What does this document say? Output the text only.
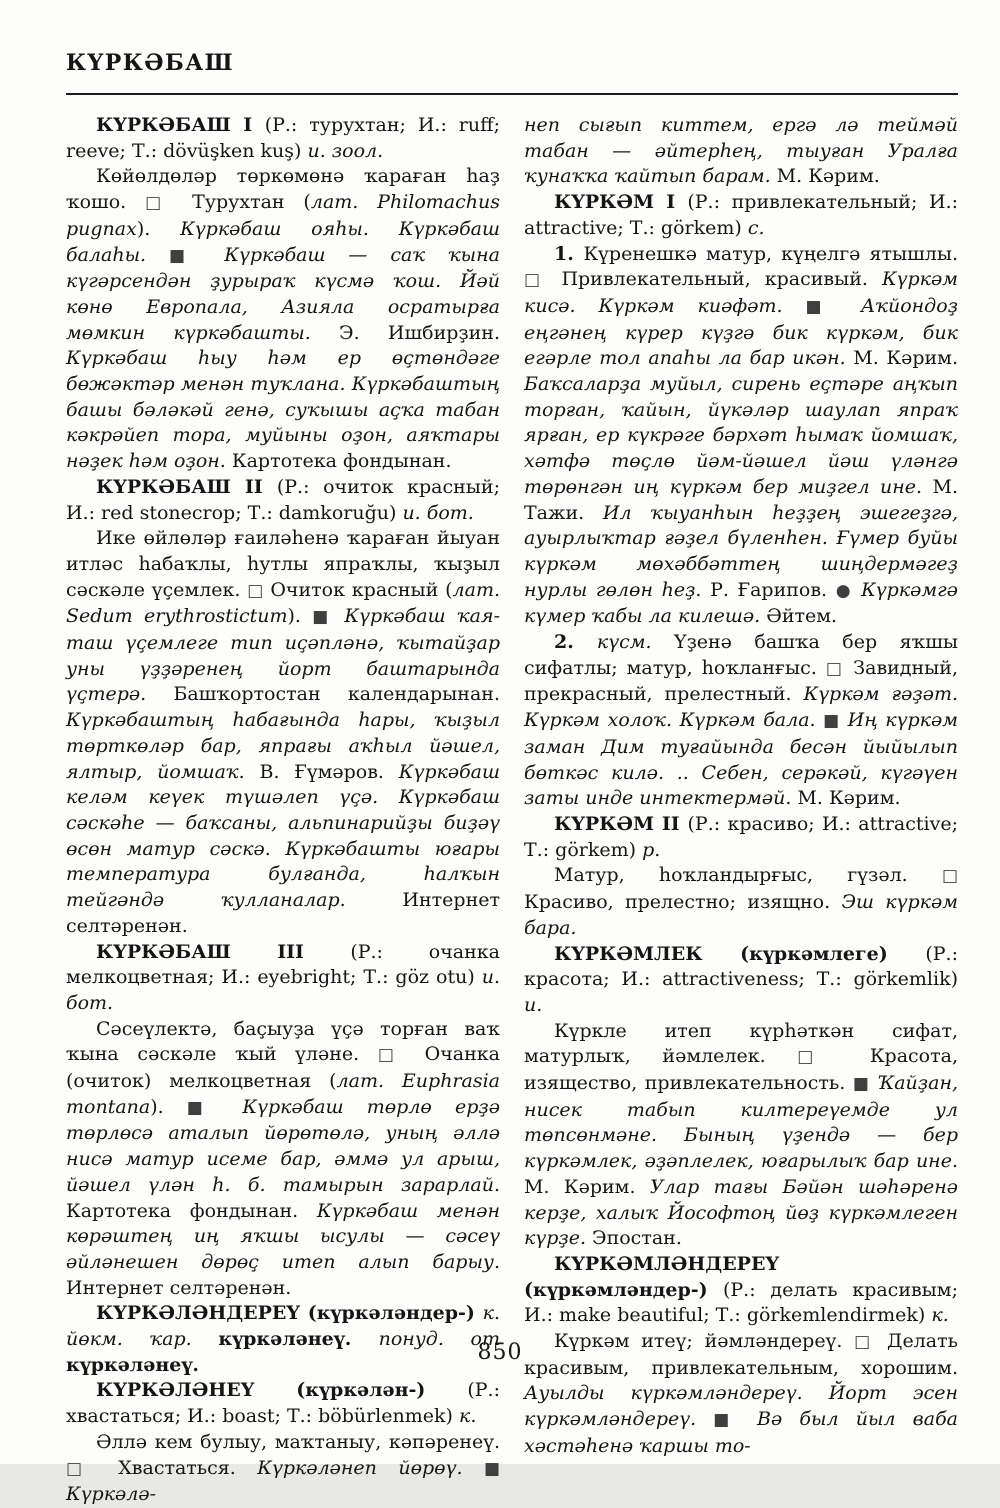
КҮРКӘБАШ

КҮРКӘБАШ I (Р.: турухтан; И.: ruff; reeve; Т.: dövüşken kuş) и. зоол.

Көйөлдөләр төркөмөнә ҡараған һаҙ ҡошо. □ Турухтан (лат. Philomachus pugnax). Күркәбаш ояһы. Күркәбаш балаһы. ■ Күркәбаш — саҡ ҡына күгәрсендән ҙурыраҡ күсмә ҡош. Йәй көнө Европала, Азияла осратырға мөмкин күркәбашты. Э. Ишбирҙин. Күркәбаш һыу һәм ер өҫтөндәге бөжәктәр менән туҡлана. Күркәбаштың башы бәләкәй генә, суҡышы аҫҡа табан кәкрәйеп тора, муйыны оҙон, аяҡтары нәҙек һәм оҙон. Картотека фондынан.

КҮРКӘБАШ II (Р.: очиток красный; И.: red stonecrop; Т.: damkoruğu) и. бот.

Ике өйлөләр ғаиләһенә ҡараған йыуан итләс һабаҡлы, һутлы япраҡлы, ҡыҙыл сәскәле үҫемлек. □ Очиток красный (лат. Sedum erythrostictum). ■ Күркәбаш ҡая-таш үҫемлеге тип иҫәпләнә, ҡытайҙар уны үҙҙәренең йорт баштарында үҫтерә. Башҡортостан календарынан. Күркәбаштың һабағында һары, ҡыҙыл төрткөләр бар, япрағы аҡһыл йәшел, ялтыр, йомшаҡ. В. Ғүмәров. Күркәбаш келәм кеүек түшәлеп үҫә. Күркәбаш сәскәһе — баҡсаны, альпинарийҙы биҙәү өсөн матур сәскә. Күркәбашты юғары температура булғанда, һалҡын тейгәндә ҡулланалар. Интернет селтәренән.

КҮРКӘБАШ III (Р.: очанка мелкоцветная; И.: eyebright; Т.: göz otu) и. бот.

Сәсеүлектә, баҫыуҙа үҫә торған ваҡ ҡына сәскәле ҡый үләне. □ Очанка (очиток) мелкоцветная (лат. Euphrasia montana). ■ Күркәбаш төрлө ерҙә төрлөсә аталып йөрөтөлә, уның әллә нисә матур исеме бар, әммә ул арыш, йәшел үлән һ. б. тамырын зарарлай. Картотека фондынан. Күркәбаш менән көрәштең иң яҡшы ысулы — сәсеү әйләнешен дөрөҫ итеп алып барыу. Интернет селтәренән.

КҮРКӘЛӘНДЕРЕҮ (күркәләндер-) к. йөкм. ҡар. күркәләнеү. понуд. от күркәләнеү.

КҮРКӘЛӘНЕҮ (күркәлән-) (Р.: хвастаться; И.: boast; Т.: böbürlenmek) к.

Әллә кем булыу, маҡтаныу, кәпәренеү. □ Хвастаться. Күркәләнеп йөрөү. ■ Күркәлә-

неп сығып киттем, ергә лә теймәй табан — әйтерһең, тыуған Уралға ҡунаҡҡа ҡайтып барам. М. Кәрим.

КҮРКӘМ I (Р.: привлекательный; И.: attractive; Т.: görkem) с.

1. Күренешкә матур, күңелгә ятышлы. □ Привлекательный, красивый. Күркәм кисә. Күркәм киәфәт. ■ Аҡйондоҙ еңгәнең күрер күҙгә бик күркәм, бик егәрле тол апаһы ла бар икән. М. Кәрим. Баҡсаларҙа муйыл, сирень еҫтәре аңҡып торған, ҡайын, йүкәләр шаулап япраҡ ярған, ер күкрәге бәрхәт һымаҡ йомшаҡ, хәтфә төҫлө йәм-йәшел йәш үләнгә төрөнгән иң күркәм бер миҙгел ине. М. Тажи. Ил ҡыуанһын һеҙҙең эшегеҙгә, ауырлыҡтар ғәҙел бүленһен. Ғүмер буйы күркәм мөхәббәттең шиңдермәгеҙ нурлы гөлөн һеҙ. Р. Ғарипов. ● Күркәмгә күмер ҡабы ла килешә. Әйтем.

2. күсм. Үҙенә башҡа бер яҡшы сифатлы; матур, һоҡланғыс. □ Завидный, прекрасный, прелестный. Күркәм ғәҙәт. Күркәм холоҡ. Күркәм бала. ■ Иң күркәм заман Дим туғайында бесән йыйылып бөткәс килә. .. Себен, серәкәй, күгәүен заты инде интектермәй. М. Кәрим.

КҮРКӘМ II (Р.: красиво; И.: attractive; Т.: görkem) р.

Матур, һоҡландырғыс, гүзәл. □ Красиво, прелестно; изящно. Эш күркәм бара.

КҮРКӘМЛЕК (күркәмлеге) (Р.: красота; И.: attractiveness; Т.: görkemlik) и.

Күркле итеп күрһәткән сифат, матурлыҡ, йәмлелек. □ Красота, изящество, привлекательность. ■ Ҡайҙан, нисек табып килтереүемде ул төпсөнмәне. Бының үҙендә — бер күркәмлек, әҙәплелек, юғарылыҡ бар ине. М. Кәрим. Улар тағы Бәйән шәһәренә керҙе, халыҡ Йософтоң йөҙ күркәмлеген күрҙе. Эпостан.

КҮРКӘМЛӘНДЕРЕҮ (күркәмләндер-) (Р.: делать красивым; И.: make beautiful; Т.: görkemlendirmek) к.

Күркәм итеү; йәмләндереү. □ Делать красивым, привлекательным, хорошим. Ауылды күркәмләндереү. Йорт эсен күркәмләндереү. ■ Вә был йыл ваба хәстәһенә ҡаршы то-

850
